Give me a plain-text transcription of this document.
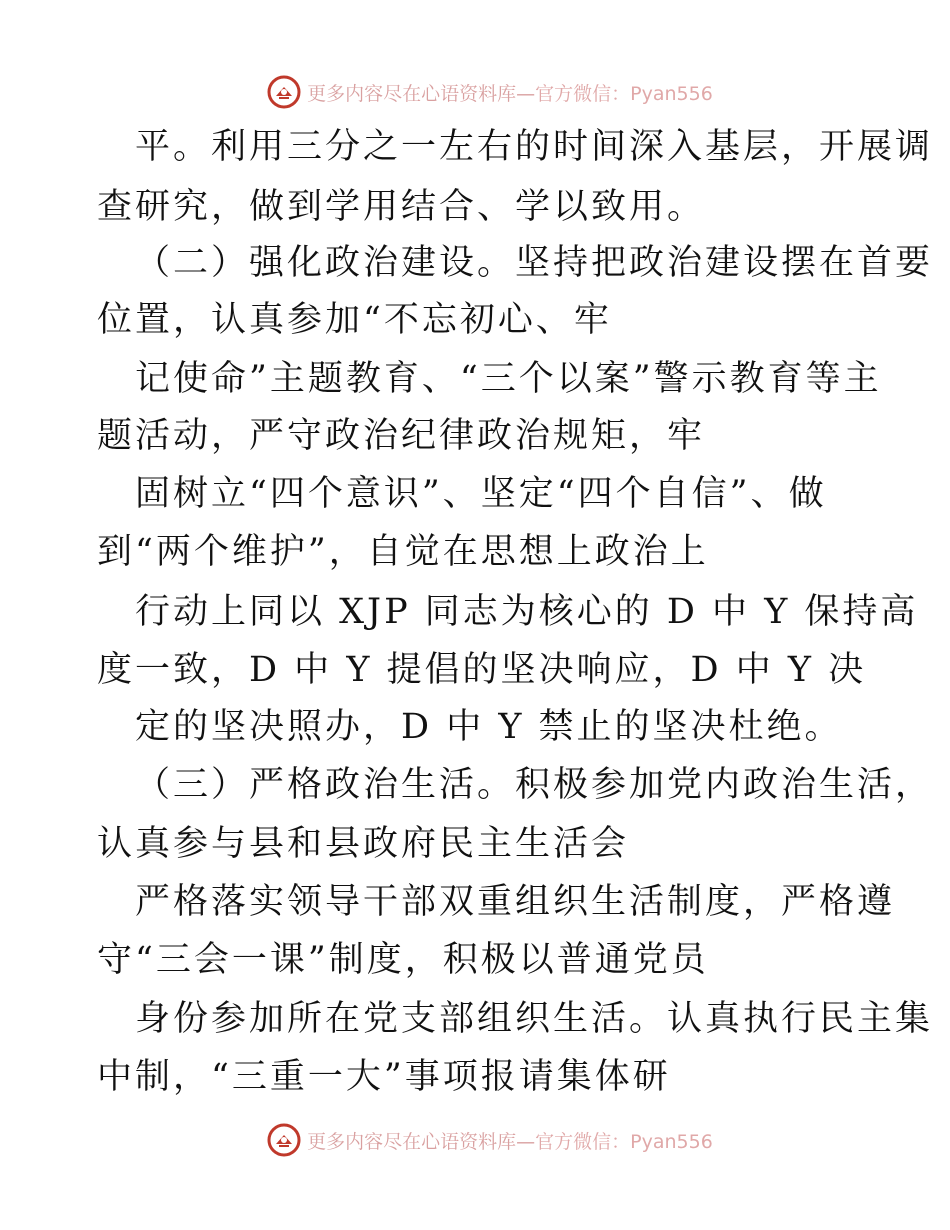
更多内容尽在心语资料库— 官方微信：Pyan556
平。利用三分之一左右的时间深入基层，开展调
查研究，做到学用结合、学以致用。
（二）强化政治建设。坚持把政治建设摆在首要
位置，认真参加“不忘初心、牢
记使命”主题教育、“三个以案”警示教育等主
题活动，严守政治纪律政治规矩，牢
固树立“四个意识”、坚定“四个自信”、做
到“两个维护”，自觉在思想上政治上
行动上同以 XJP 同志为核心的 D 中 Y 保持高
度一致，D 中 Y 提倡的坚决响应，D 中 Y 决
定的坚决照办，D 中 Y 禁止的坚决杜绝。
（三）严格政治生活。积极参加党内政治生活，
认真参与县和县政府民主生活会
严格落实领导干部双重组织生活制度，严格遵
守“三会一课”制度，积极以普通党员
身份参加所在党支部组织生活。认真执行民主集
中制，“三重一大”事项报请集体研
更多内容尽在心语资料库— 官方微信：Pyan556
